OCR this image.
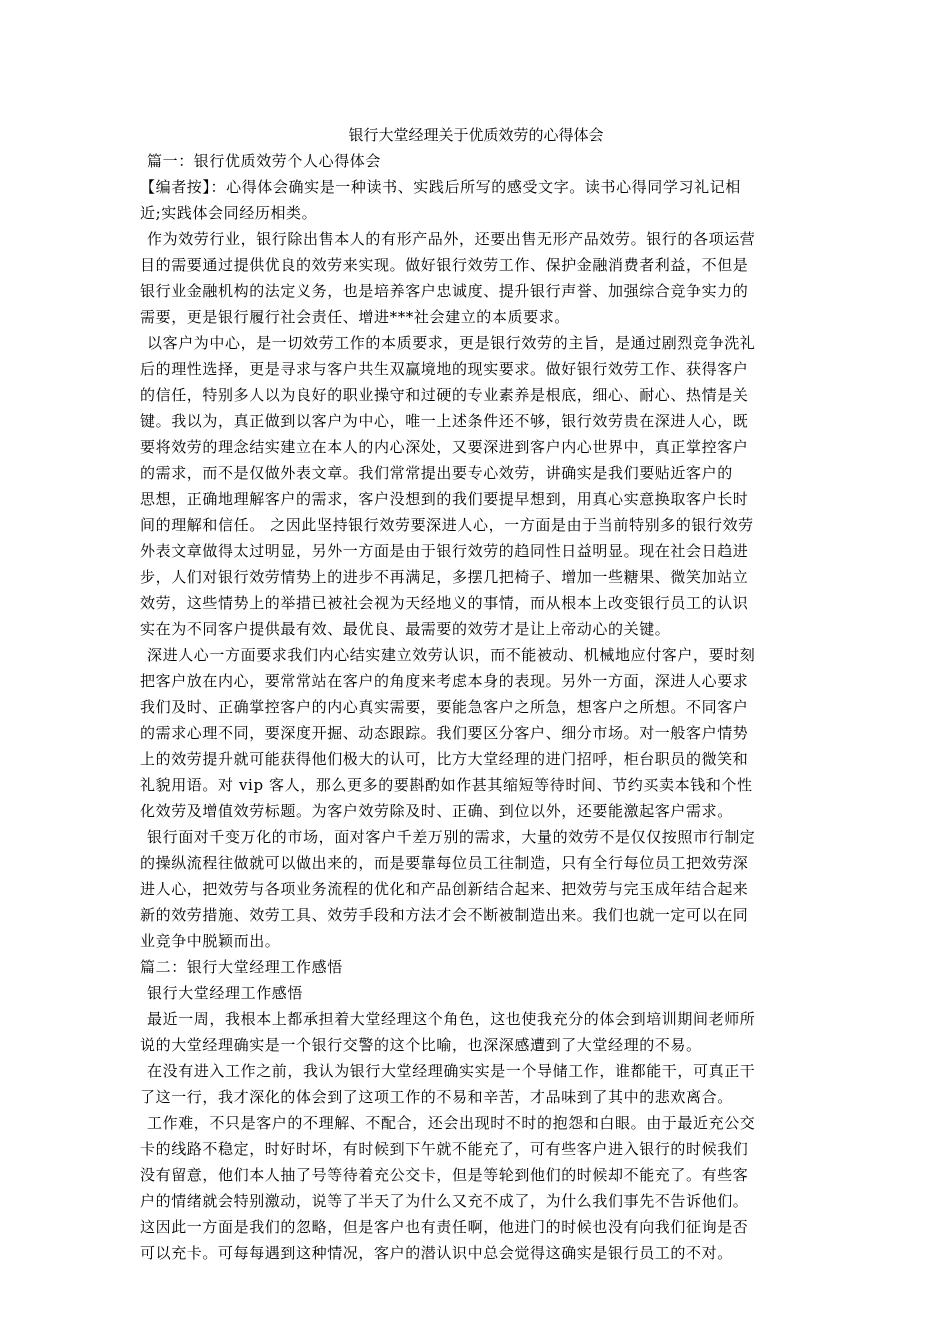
银行大堂经理关于优质效劳的心得体会

篇一：银行优质效劳个人心得体会

【编者按】：心得体会确实是一种读书、实践后所写的感受文字。读书心得同学习礼记相

近;实践体会同经历相类。

作为效劳行业，银行除出售本人的有形产品外，还要出售无形产品效劳。银行的各项运营

目的需要通过提供优良的效劳来实现。做好银行效劳工作、保护金融消费者利益，不但是

银行业金融机构的法定义务，也是培养客户忠诚度、提升银行声誉、加强综合竞争实力的

需要，更是银行履行社会责任、增进***社会建立的本质要求。

以客户为中心，是一切效劳工作的本质要求，更是银行效劳的主旨，是通过剧烈竞争洗礼

后的理性选择，更是寻求与客户共生双赢境地的现实要求。做好银行效劳工作、获得客户

的信任，特别多人以为良好的职业操守和过硬的专业素养是根底，细心、耐心、热情是关

键。我以为，真正做到以客户为中心，唯一上述条件还不够，银行效劳贵在深进人心，既

要将效劳的理念结实建立在本人的内心深处，又要深进到客户内心世界中，真正掌控客户

的需求，而不是仅做外表文章。我们常常提出要专心效劳，讲确实是我们要贴近客户的

思想，正确地理解客户的需求，客户没想到的我们要提早想到，用真心实意换取客户长时

间的理解和信任。 之因此坚持银行效劳要深进人心，一方面是由于当前特别多的银行效劳

外表文章做得太过明显，另外一方面是由于银行效劳的趋同性日益明显。现在社会日趋进

步，人们对银行效劳情势上的进步不再满足，多摆几把椅子、增加一些糖果、微笑加站立

效劳，这些情势上的举措已被社会视为天经地义的事情，而从根本上改变银行员工的认识

实在为不同客户提供最有效、最优良、最需要的效劳才是让上帝动心的关键。

深进人心一方面要求我们内心结实建立效劳认识，而不能被动、机械地应付客户，要时刻

把客户放在内心，要常常站在客户的角度来考虑本身的表现。另外一方面，深进人心要求

我们及时、正确掌控客户的内心真实需要，要能急客户之所急，想客户之所想。不同客户

的需求心理不同，要深度开掘、动态跟踪。我们要区分客户、细分市场。对一般客户情势

上的效劳提升就可能获得他们极大的认可，比方大堂经理的进门招呼，柜台职员的微笑和

礼貌用语。对 vip 客人，那么更多的要斟酌如作甚其缩短等待时间、节约买卖本钱和个性

化效劳及增值效劳标题。为客户效劳除及时、正确、到位以外，还要能激起客户需求。

银行面对千变万化的市场，面对客户千差万别的需求，大量的效劳不是仅仅按照市行制定

的操纵流程往做就可以做出来的，而是要靠每位员工往制造，只有全行每位员工把效劳深

进人心，把效劳与各项业务流程的优化和产品创新结合起来、把效劳与完玉成年结合起来

新的效劳措施、效劳工具、效劳手段和方法才会不断被制造出来。我们也就一定可以在同

业竞争中脱颖而出。

篇二：银行大堂经理工作感悟

银行大堂经理工作感悟

最近一周，我根本上都承担着大堂经理这个角色，这也使我充分的体会到培训期间老师所

说的大堂经理确实是一个银行交警的这个比喻，也深深感遭到了大堂经理的不易。

在没有进入工作之前，我认为银行大堂经理确实实是一个导储工作，谁都能干，可真正干

了这一行，我才深化的体会到了这项工作的不易和辛苦，才品味到了其中的悲欢离合。

工作难，不只是客户的不理解、不配合，还会出现时不时的抱怨和白眼。由于最近充公交

卡的线路不稳定，时好时坏，有时候到下午就不能充了，可有些客户进入银行的时候我们

没有留意，他们本人抽了号等待着充公交卡，但是等轮到他们的时候却不能充了。有些客

户的情绪就会特别激动，说等了半天了为什么又充不成了，为什么我们事先不告诉他们。

这因此一方面是我们的忽略，但是客户也有责任啊，他进门的时候也没有向我们征询是否

可以充卡。可每每遇到这种情况，客户的潜认识中总会觉得这确实是银行员工的不对。
